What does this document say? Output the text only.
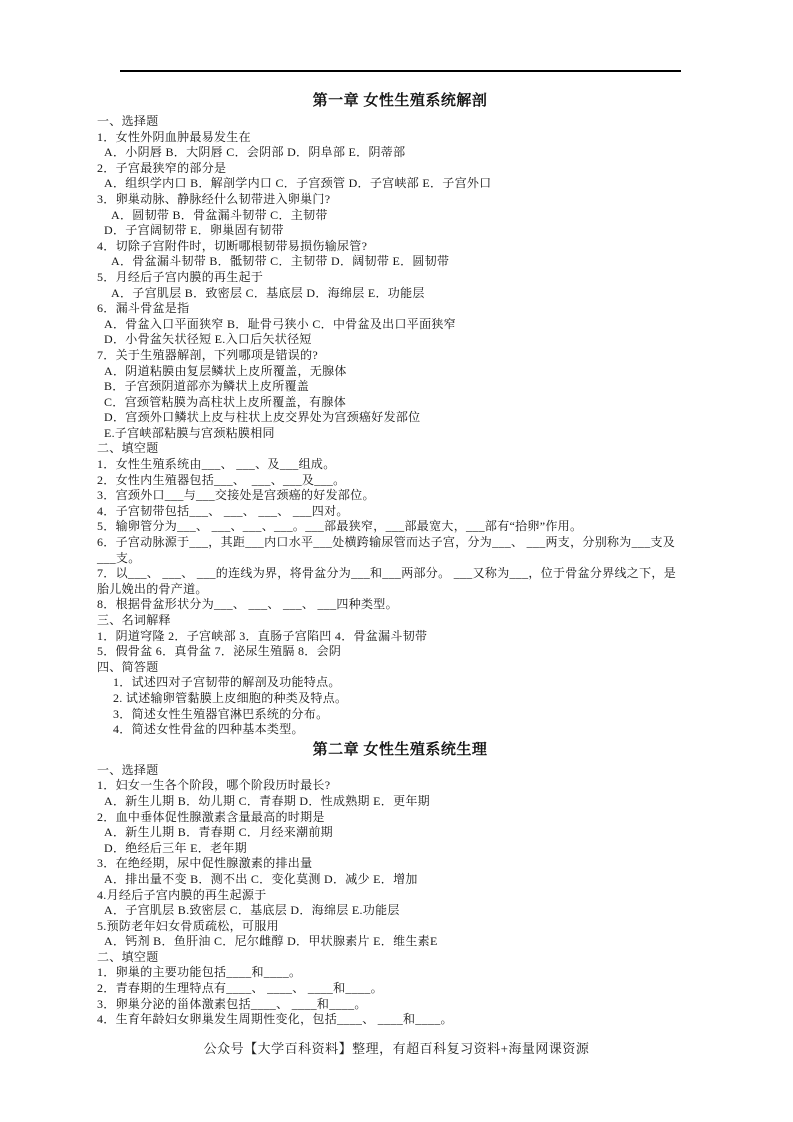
第一章 女性生殖系统解剖
一、选择题
1．女性外阴血肿最易发生在
A．小阴唇 B．大阴唇 C．会阴部 D．阴阜部 E．阴蒂部
2．子宫最狭窄的部分是
A．组织学内口 B．解剖学内口 C．子宫颈管 D．子宫峡部 E．子宫外口
3．卵巢动脉、静脉经什么韧带进入卵巢门?
A．圆韧带 B．骨盆漏斗韧带 C．主韧带
D．子宫阔韧带 E．卵巢固有韧带
4．切除子宫附件时，切断哪根韧带易损伤输尿管?
A．骨盆漏斗韧带 B．骶韧带 C．主韧带 D．阔韧带 E．圆韧带
5．月经后子宫内膜的再生起于
A．子宫肌层 B．致密层 C．基底层 D．海绵层 E．功能层
6．漏斗骨盆是指
A．骨盆入口平面狭窄 B．耻骨弓狭小 C．中骨盆及出口平面狭窄
D．小骨盆矢状径短 E.入口后矢状径短
7．关于生殖器解剖，下列哪项是错误的?
A．阴道粘膜由复层鳞状上皮所覆盖，无腺体
B．子宫颈阴道部亦为鳞状上皮所覆盖
C．宫颈管粘膜为高柱状上皮所覆盖，有腺体
D．宫颈外口鳞状上皮与柱状上皮交界处为宫颈癌好发部位
E.子宫峡部粘膜与宫颈粘膜相同
二、填空题
1．女性生殖系统由___、 ___、及___组成。
2．女性内生殖器包括___、  ___、___及___。
3．宫颈外口___与___交接处是宫颈癌的好发部位。
4．子宫韧带包括___、 ___、 ___、 ___四对。
5．输卵管分为___、 ___、___、___。___部最狭窄，___部最宽大，___部有“拾卵”作用。
6．子宫动脉源于___，其距___内口水平___处横跨输尿管而达子宫，分为___、 ___两支，分别称为___支及
___支。
7．以___、 ___、 ___的连线为界，将骨盆分为___和___两部分。 ___又称为___，位于骨盆分界线之下，是
胎儿娩出的骨产道。
8．根据骨盆形状分为___、 ___、 ___、 ___四种类型。
三、名词解释
1．阴道穹隆 2．子宫峡部 3．直肠子宫陷凹 4．骨盆漏斗韧带
5．假骨盆 6．真骨盆 7．泌尿生殖膈 8．会阴
四、简答题
1．试述四对子宫韧带的解剖及功能特点。
2. 试述输卵管黏膜上皮细胞的种类及特点。
3．简述女性生殖器官淋巴系统的分布。
4．简述女性骨盆的四种基本类型。
第二章 女性生殖系统生理
一、选择题
1．妇女一生各个阶段，哪个阶段历时最长?
A．新生儿期 B．幼儿期 C．青春期 D．性成熟期 E．更年期
2．血中垂体促性腺激素含量最高的时期是
A．新生儿期 B．青春期 C．月经来潮前期
D．绝经后三年 E．老年期
3．在绝经期，尿中促性腺激素的排出量
A．排出量不变 B．测不出 C．变化莫测 D．减少 E．增加
4.月经后子宫内膜的再生起源于
A．子宫肌层 B.致密层 C．基底层 D．海绵层 E.功能层
5.预防老年妇女骨质疏松，可服用
A．钙剂 B．鱼肝油 C．尼尔雌醇 D．甲状腺素片 E．维生素E
二、填空题
1．卵巢的主要功能包括____和____。
2．青春期的生理特点有____、 ____、 ____和____。
3．卵巢分泌的甾体激素包括____、 ____和____。
4．生育年龄妇女卵巢发生周期性变化，包括____、 ____和____。
公众号【大学百科资料】整理，有超百科复习资料+海量网课资源
